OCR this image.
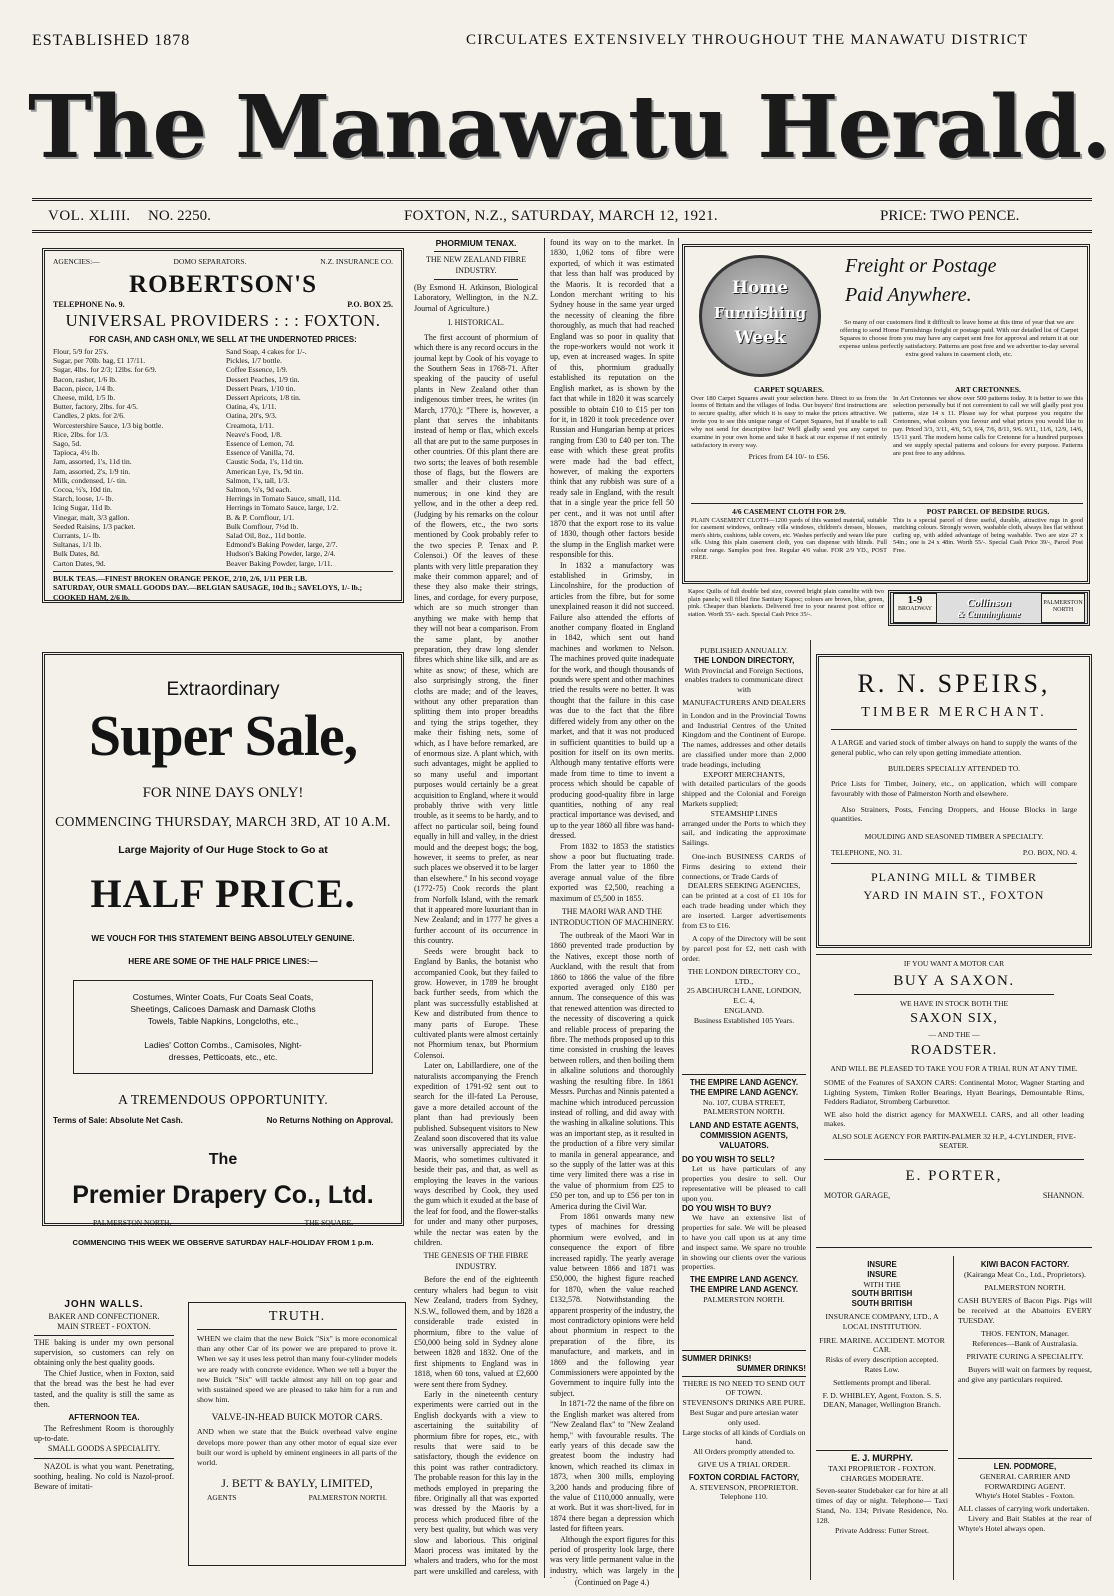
ESTABLISHED 1878	CIRCULATES EXTENSIVELY THROUGHOUT THE MANAWATU DISTRICT
The Manawatu Herald.
VOL. XLIII. NO. 2250.	FOXTON, N.Z., SATURDAY, MARCH 12, 1921.	PRICE: TWO PENCE.
AGENCIES:—	DOMO SEPARATORS.	N.Z. INSURANCE CO.
ROBERTSON'S
TELEPHONE No. 9.	P.O. BOX 25.
UNIVERSAL PROVIDERS : : : FOXTON.
FOR CASH, AND CASH ONLY, WE SELL AT THE UNDERNOTED PRICES:
Flour, 5/9 for 25's.
Sugar, per 70lb. bag, £1 17/11.
Sugar, 4lbs. for 2/3; 12lbs. for 6/9.
Bacon, rasher, 1/6 lb.
Bacon, piece, 1/4 lb.
Cheese, mild, 1/5 lb.
Butter, factory, 2lbs. for 4/5.
Candles, 2 pkts. for 2/6.
Worcestershire Sauce, 1/3 big bottle.
Rice, 2lbs. for 1/3.
Sago, 5d.
Tapioca, 4½ lb.
Jam, assorted, 1's, 11d tin.
Jam, assorted, 2's, 1/9 tin.
Milk, condensed, 1/- tin.
Cocoa, ½'s, 10d tin.
Starch, loose, 1/- lb.
Icing Sugar, 11d lb.
Vinegar, malt, 3/3 gallon.
Seeded Raisins, 1/3 packet.
Currants, 1/- lb.
Sultanas, 1/1 lb.
Bulk Dates, 8d.
Carton Dates, 9d.
Sand Soap, 4 cakes for 1/-.
Pickles, 1/7 bottle.
Coffee Essence, 1/9.
Dessert Peaches, 1/9 tin.
Dessert Pears, 1/10 tin.
Dessert Apricots, 1/8 tin.
Oatina, 4's, 1/11.
Oatina, 20's, 9/3.
Creamota, 1/11.
Neave's Food, 1/8.
Essence of Lemon, 7d.
Essence of Vanilla, 7d.
Caustic Soda, 1's, 11d tin.
American Lye, 1's, 9d tin.
Salmon, 1's, tall, 1/3.
Salmon, ½'s, 9d each.
Herrings in Tomato Sauce, small, 11d.
Herrings in Tomato Sauce, large, 1/2.
B. & P. Cornflour, 1/1.
Bulk Cornflour, 7½d lb.
Salad Oil, 8oz., 11d bottle.
Edmond's Baking Powder, large, 2/7.
Hudson's Baking Powder, large, 2/4.
Beaver Baking Powder, large, 1/11.
BULK TEAS.—FINEST BROKEN ORANGE PEKOE, 2/10, 2/6, 1/11 PER LB.
SATURDAY, OUR SMALL GOODS DAY.—BELGIAN SAUSAGE, 10d lb.; SAVELOYS, 1/- lb.; COOKED HAM, 2/6 lb.
Extraordinary
Super Sale,
FOR NINE DAYS ONLY!
COMMENCING THURSDAY, MARCH 3RD, AT 10 A.M.
Large Majority of Our Huge Stock to Go at
HALF PRICE.
WE VOUCH FOR THIS STATEMENT BEING ABSOLUTELY GENUINE.
HERE ARE SOME OF THE HALF PRICE LINES:—
Costumes, Winter Coats, Fur Coats Seal Coats,
Sheetings, Calicoes Damask and Damask Cloths
Towels, Table Napkins, Longcloths, etc.,
Ladies' Cotton Combs., Camisoles, Night-
dresses, Petticoats, etc., etc.
A TREMENDOUS OPPORTUNITY.
Terms of Sale: Absolute Net Cash.	No Returns Nothing on Approval.
The
Premier Drapery Co., Ltd.
PALMERSTON NORTH.	THE SQUARE,
COMMENCING THIS WEEK WE OBSERVE SATURDAY HALF-HOLIDAY FROM 1 p.m.
JOHN WALLS.
BAKER AND CONFECTIONER.
MAIN STREET - FOXTON.

THE baking is under my own personal supervision, so customers can rely on obtaining only the best quality goods.

The Chief Justice, when in Foxton, said that the bread was the best he had ever tasted, and the quality is still the same as then.

AFTERNOON TEA.

The Refreshment Room is thoroughly up-to-date.

SMALL GOODS A SPECIALITY.

NAZOL is what you want. Penetrating, soothing, healing. No cold is Nazol-proof. Beware of imitati-

TRUTH.

WHEN we claim that the new Buick "Six" is more economical than any other Car of its power we are prepared to prove it. When we say it uses less petrol than many four-cylinder models we are ready with concrete evidence. When we tell a buyer the new Buick "Six" will tackle almost any hill on top gear and with sustained speed we are pleased to take him for a run and show him.

VALVE-IN-HEAD BUICK MOTOR CARS.

AND when we state that the Buick overhead valve engine develops more power than any other motor of equal size ever built our word is upheld by eminent engineers in all parts of the world.

J. BETT & BAYLY, LIMITED,
AGENTS	PALMERSTON NORTH.
PHORMIUM TENAX.
THE NEW ZEALAND FIBRE INDUSTRY.

(By Esmond H. Atkinson, Biological Laboratory, Wellington, in the N.Z. Journal of Agriculture.)

I. HISTORICAL.

The first account of phormium of which there is any record occurs in the journal kept by Cook of his voyage to the Southern Seas in 1768-71. After speaking of the paucity of useful plants in New Zealand other than indigenous timber trees, he writes (in March, 1770,): "There is, however, a plant that serves the inhabitants instead of hemp or flax, which excels all that are put to the same purposes in other countries. Of this plant there are two sorts; the leaves of both resemble those of flags, but the flowers are smaller and their clusters more numerous; in one kind they are yellow, and in the other a deep red. (Judging by his remarks on the colour of the flowers, etc., the two sorts mentioned by Cook probably refer to the two species P. Tenax and P. Colensoi.) Of the leaves of these plants with very little preparation they make their common apparel; and of these they also make their strings, lines, and cordage, for every purpose, which are so much stronger than anything we make with hemp that they will not bear a comparison. From the same plant, by another preparation, they draw long slender fibres which shine like silk, and are as white as snow; of these, which are also surprisingly strong, the finer cloths are made; and of the leaves, without any other preparation than splitting them into proper breadths and tying the strips together, they make their fishing nets, some of which, as I have before remarked, are of enormous size. A plant which, with such advantages, might be applied to so many useful and important purposes would certainly be a great acquisition to England, where it would probably thrive with very little trouble, as it seems to be hardy, and to affect no particular soil, being found equally in hill and valley, in the driest mould and the deepest bogs; the bog, however, it seems to prefer, as near such places we observed it to be larger than elsewhere." In his second voyage (1772-75) Cook records the plant from Norfolk Island, with the remark that it appeared more luxuriant than in New Zealand; and in 1777 he gives a further account of its occurrence in this country.

Seeds were brought back to England by Banks, the botanist who accompanied Cook, but they failed to grow. However, in 1789 he brought back further seeds, from which the plant was successfully established at Kew and distributed from thence to many parts of Europe. These cultivated plants were almost certainly not Phormium tenax, but Phormium Colensoi.

Later on, Labillardiere, one of the naturalists accompanying the French expedition of 1791-92 sent out to search for the ill-fated La Perouse, gave a more detailed account of the plant than had previously been published. Subsequent visitors to New Zealand soon discovered that its value was universally appreciated by the Maoris, who sometimes cultivated it beside their pas, and that, as well as employing the leaves in the various ways described by Cook, they used the gum which it exuded at the base of the leaf for food, and the flower-stalks for under and many other purposes, while the nectar was eaten by the children.

THE GENESIS OF THE FIBRE INDUSTRY.

Before the end of the eighteenth century whalers had begun to visit New Zealand, traders from Sydney, N.S.W., followed them, and by 1828 a considerable trade existed in phormium, fibre to the value of £50,000 being sold in Sydney alone between 1828 and 1832. One of the first shipments to England was in 1818, when 60 tons, valued at £2,600 were sent there from Sydney.

Early in the nineteenth century experiments were carried out in the English dockyards with a view to ascertaining the suitability of phormium fibre for ropes, etc., with results that were said to be satisfactory, though the evidence on this point was rather contradictory. The probable reason for this lay in the methods employed in preparing the fibre. Originally all that was exported was dressed by the Maoris by a process which produced fibre of the very best quality, but which was very slow and laborious. This original Maori process was imitated by the whalers and traders, who for the most part were unskilled and careless, with

found its way on to the market. In 1830, 1,062 tons of fibre were exported, of which it was estimated that less than half was produced by the Maoris. It is recorded that a London merchant writing to his Sydney house in the same year urged the necessity of cleaning the fibre thoroughly, as much that had reached England was so poor in quality that the rope-workers would not work it up, even at increased wages. In spite of this, phormium gradually established its reputation on the English market, as is shown by the fact that while in 1820 it was scarcely possible to obtain £10 to £15 per ton for it, in 1820 it took precedence over Russian and Hungarian hemp at prices ranging from £30 to £40 per ton. The ease with which these great profits were made had the bad effect, however, of making the exporters think that any rubbish was sure of a ready sale in England, with the result that in a single year the price fell 50 per cent., and it was not until after 1870 that the export rose to its value of 1830, though other factors beside the slump in the English market were responsible for this.

In 1832 a manufactory was established in Grimsby, in Lincolnshire, for the production of articles from the fibre, but for some unexplained reason it did not succeed. Failure also attended the efforts of another company floated in England in 1842, which sent out hand machines and workmen to Nelson. The machines proved quite inadequate for the work, and though thousands of pounds were spent and other machines tried the results were no better. It was thought that the failure in this case was due to the fact that the fibre differed widely from any other on the market, and that it was not produced in sufficient quantities to build up a position for itself on its own merits. Although many tentative efforts were made from time to time to invent a process which should be capable of producing good-quality fibre in large quantities, nothing of any real practical importance was devised, and up to the year 1860 all fibre was hand-dressed.

From 1832 to 1853 the statistics show a poor but fluctuating trade. From the latter year to 1860 the average annual value of the fibre exported was £2,500, reaching a maximum of £5,500 in 1855.

THE MAORI WAR AND THE INTRODUCTION OF MACHINERY.

The outbreak of the Maori War in 1860 prevented trade production by the Natives, except those north of Auckland, with the result that from 1860 to 1866 the value of the fibre exported averaged only £180 per annum. The consequence of this was that renewed attention was directed to the necessity of discovering a quick and reliable process of preparing the fibre. The methods proposed up to this time consisted in crushing the leaves between rollers, and then boiling them in alkaline solutions and thoroughly washing the resulting fibre. In 1861 Messrs. Purchas and Ninnis patented a machine which introduced percussion instead of rolling, and did away with the washing in alkaline solutions. This was an important step, as it resulted in the production of a fibre very similar to manila in general appearance, and so the supply of the latter was at this time very limited there was a rise in the value of phormium from £25 to £50 per ton, and up to £56 per ton in America during the Civil War.

From 1861 onwards many new types of machines for dressing phormium were evolved, and in consequence the export of fibre increased rapidly. The yearly average value between 1866 and 1871 was £50,000, the highest figure reached for 1870, when the value reached £132,578. Notwithstanding the apparent prosperity of the industry, the most contradictory opinions were held about phormium in respect to the preparation of the fibre, its manufacture, and markets, and in 1869 and the following year Commissioners were appointed by the Government to inquire fully into the subject.

In 1871-72 the name of the fibre on the English market was altered from "New Zealand flax" to "New Zealand hemp," with favourable results. The early years of this decade saw the greatest boom the industry had known, which reached its climax in 1873, when 300 mills, employing 3,200 hands and producing fibre of the value of £110,000 annually, were at work. But it was short-lived, for in 1874 there began a depression which lasted for fifteen years.

Although the export figures for this period of prosperity look large, there was very little permanent value in the industry, which was largely in the

(Continued on Page 4.)
Home
Furnishing
Week
Freight or Postage
Paid Anywhere.

So many of our customers find it difficult to leave home at this time of year that we are offering to send Home Furnishings freight or postage paid. With our detailed list of Carpet Squares to choose from you may have any carpet sent free for approval and return it at our expense unless perfectly satisfactory. Patterns are post free and we advertise to-day several extra good values in casement cloth, etc.

CARPET SQUARES.

Over 180 Carpet Squares await your selection here. Direct to us from the looms of Britain and the villages of India. Our buyers' first instructions are to secure quality, after which it is easy to make the prices attractive. We invite you to see this unique range of Carpet Squares, but if unable to call why not send for descriptive list? We'll gladly send you any carpet to examine in your own home and take it back at our expense if not entirely satisfactory in every way.

Prices from £4 10/- to £56.
ART CRETONNES.

In Art Cretonnes we show over 500 patterns today. It is better to see this selection personally but if not convenient to call we will gladly post you patterns, size 14 x 11. Please say for what purpose you require the Cretonnes, what colours you favour and what prices you would like to pay. Priced 3/3, 3/11, 4/6, 5/3, 6/4, 7/6, 8/11, 9/6. 9/11, 11/6, 12/9, 14/6, 15/11 yard. The modern home calls for Cretonne for a hundred purposes and we supply special patterns and colours for every purpose. Patterns are post free to any address.

4/6 CASEMENT CLOTH FOR 2/9.

PLAIN CASEMENT CLOTH—1200 yards of this wanted material, suitable for casement windows, ordinary villa windows, children's dresses, blouses, men's shirts, cushions, table covers, etc. Washes perfectly and wears like pure silk. Using this plain casement cloth, you can dispense with blinds. Full colour range. Samples post free. Regular 4/6 value. FOR 2/9 YD., POST FREE.

POST PARCEL OF BEDSIDE RUGS.

This is a special parcel of three useful, durable, attractive rugs in good matching colours. Strongly woven, washable cloth, always lies flat without curling up, with added advantage of being washable. Two are size 27 x 54in.; one is 24 x 48in. Worth 55/-. Special Cash Price 39/-, Parcel Post Free.

Kapoc Quilts of full double bed size, covered bright plain camelite with two plain panels; well filled fine Sanitary Kapoc; colours are brown, blue, green, pink. Cheaper than blankets. Delivered free to your nearest post office or station. Worth 55/- each. Special Cash Price 35/-.

1-9
BROADWAY	Collinson
& Cunninghame
PALMERSTON NORTH
PUBLISHED ANNUALLY.
THE LONDON DIRECTORY,
With Provincial and Foreign Sections,
enables traders to communicate direct with
MANUFACTURERS AND DEALERS

in London and in the Provincial Towns and Industrial Centres of the United Kingdom and the Continent of Europe. The names, addresses and other details are classified under more than 2,000 trade headings, including

EXPORT MERCHANTS,

with detailed particulars of the goods shipped and the Colonial and Foreign Markets supplied;

STEAMSHIP LINES

arranged under the Ports to which they sail, and indicating the approximate Sailings.

One-inch BUSINESS CARDS of Firms desiring to extend their connections, or Trade Cards of

DEALERS SEEKING AGENCIES,

can be printed at a cost of £1 10s for each trade heading under which they are inserted. Larger advertisements from £3 to £16.

A copy of the Directory will be sent by parcel post for £2, nett cash with order.

THE LONDON DIRECTORY CO., LTD.,
25 ABCHURCH LANE, LONDON, E.C. 4,
ENGLAND.
Business Established 105 Years.
THE EMPIRE LAND AGENCY.
THE EMPIRE LAND AGENCY.
No. 107, CUBA STREET,
PALMERSTON NORTH.
LAND AND ESTATE AGENTS, COMMISSION AGENTS, VALUATORS.
DO YOU WISH TO SELL?

Let us have particulars of any properties you desire to sell. Our representative will be pleased to call upon you.

DO YOU WISH TO BUY?

We have an extensive list of properties for sale. We will be pleased to have you call upon us at any time and inspect same. We spare no trouble in showing our clients over the various properties.

THE EMPIRE LAND AGENCY.
THE EMPIRE LAND AGENCY.
PALMERSTON NORTH.
SUMMER DRINKS!
SUMMER DRINKS!
THERE IS NO NEED TO SEND OUT OF TOWN.
STEVENSON'S DRINKS ARE PURE.
Best Sugar and pure artesian water only used.
Large stocks of all kinds of Cordials on hand.
All Orders promptly attended to.
GIVE US A TRIAL ORDER.
FOXTON CORDIAL FACTORY,
A. STEVENSON, PROPRIETOR.
Telephone 110.
R. N. SPEIRS,
TIMBER MERCHANT.

A LARGE and varied stock of timber always on hand to supply the wants of the general public, who can rely upon getting immediate attention.

BUILDERS SPECIALLY ATTENDED TO.

Price Lists for Timber, Joinery, etc., on application, which will compare favourably with those of Palmerston North and elsewhere.

Also Strainers, Posts, Fencing Droppers, and House Blocks in large quantities.

MOULDING AND SEASONED TIMBER A SPECIALTY.
TELEPHONE, NO. 31.	P.O. BOX, NO. 4.
PLANING MILL & TIMBER
YARD IN MAIN ST., FOXTON
IF YOU WANT A MOTOR CAR
BUY A SAXON.
WE HAVE IN STOCK BOTH THE
SAXON SIX,
— AND THE —
ROADSTER.
AND WILL BE PLEASED TO TAKE YOU FOR A TRIAL RUN AT ANY TIME.

SOME of the Features of SAXON CARS: Continental Motor, Wagner Starting and Lighting System, Timken Roller Bearings, Hyatt Bearings, Demountable Rims, Fedders Radiator, Stromberg Carburettor.

WE also hold the district agency for MAXWELL CARS, and all other leading makes.

ALSO SOLE AGENCY FOR PARTIN-PALMER 32 H.P., 4-CYLINDER, FIVE-SEATER.
E. PORTER,
MOTOR GARAGE,	SHANNON.
INSURE
INSURE
WITH THE
SOUTH BRITISH
SOUTH BRITISH
INSURANCE COMPANY, LTD., A LOCAL INSTITUTION.
FIRE. MARINE. ACCIDENT. MOTOR CAR.
Risks of every description accepted. Rates Low.
Settlements prompt and liberal.
F. D. WHIBLEY, Agent, Foxton. S. S. DEAN, Manager, Wellington Branch.
E. J. MURPHY.
TAXI PROPRIETOR - FOXTON.
CHARGES MODERATE.

Seven-seater Studebaker car for hire at all times of day or night. Telephone— Taxi Stand, No. 134; Private Residence, No. 128.

Private Address: Futter Street.
KIWI BACON FACTORY.
(Kairanga Meat Co., Ltd., Proprietors).
PALMERSTON NORTH.

CASH BUYERS of Bacon Pigs. Pigs will be received at the Abattoirs EVERY TUESDAY.

THOS. FENTON, Manager.
References—Bank of Australasia.
PRIVATE CURING A SPECIALITY.

Buyers will wait on farmers by request, and give any particulars required.

LEN. PODMORE,
GENERAL CARRIER AND FORWARDING AGENT.
Whyte's Hotel Stables - Foxton.

ALL classes of carrying work undertaken.

Livery and Bait Stables at the rear of Whyte's Hotel always open.
